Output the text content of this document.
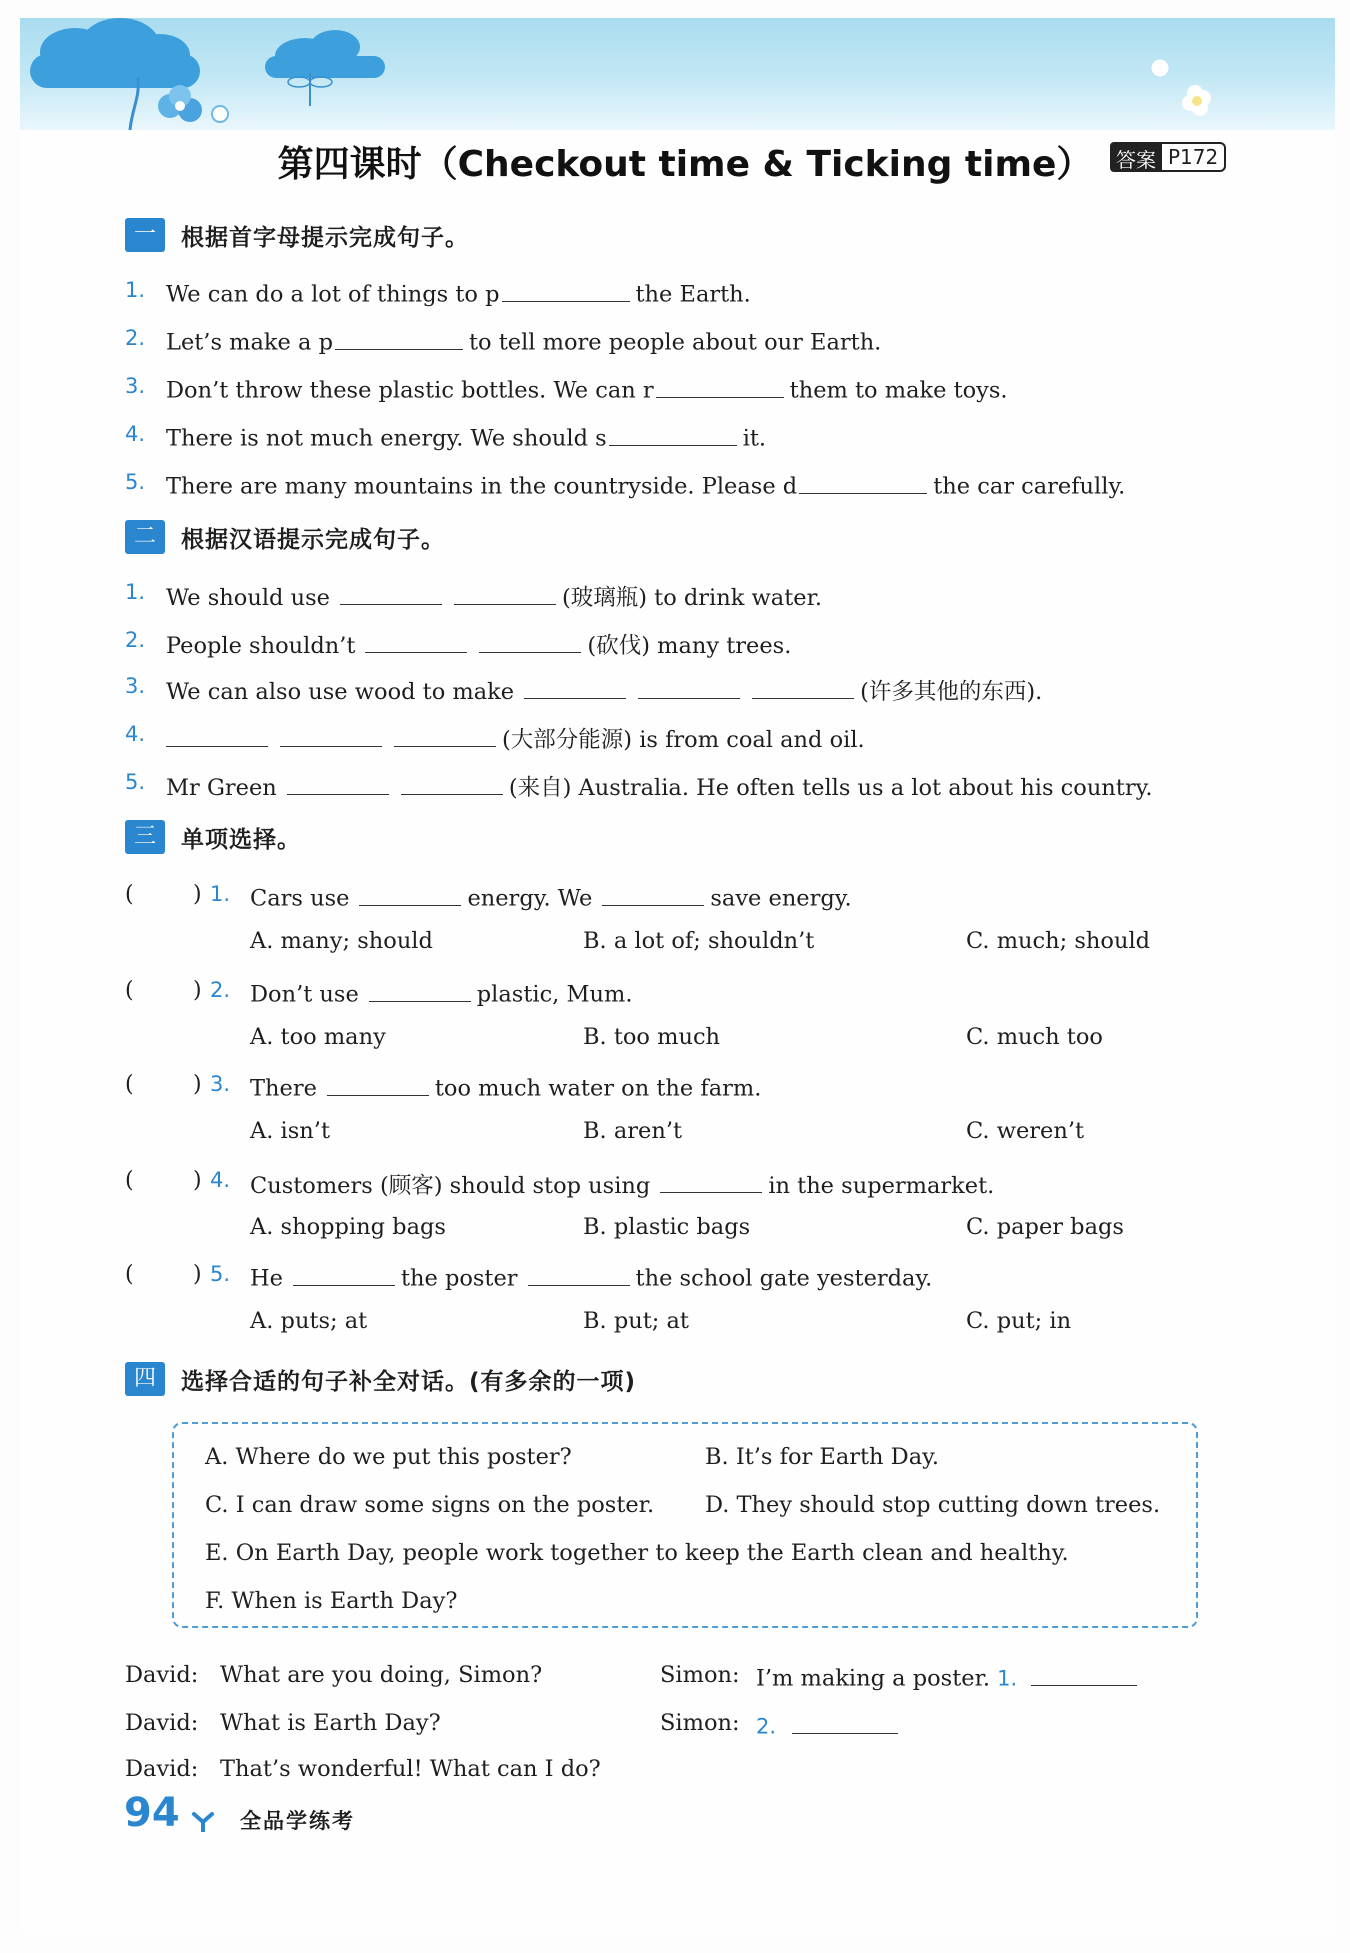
第四课时（Checkout time & Ticking time）	答案 P172
一	根据首字母提示完成句子。
1. We can do a lot of things to p	the Earth.
2. Let’s make a p	to tell more people about our Earth.
3. Don’t throw these plastic bottles. We can r	them to make toys.
4. There is not much energy. We should s	it.
5. There are many mountains in the countryside. Please d	the car carefully.
二	根据汉语提示完成句子。
1. We should use	(玻璃瓶) to drink water.
2. People shouldn’t	(砍伐) many trees.
3. We can also use wood to make	(许多其他的东西).
4.	(大部分能源) is from coal and oil.
5. Mr Green	(来自) Australia. He often tells us a lot about his country.
三	单项选择。
(	) 1. Cars use	energy. We	save energy.
A. many; should	B. a lot of; shouldn’t	C. much; should
(	) 2. Don’t use	plastic, Mum.
A. too many	B. too much	C. much too
(	) 3. There	too much water on the farm.
A. isn’t	B. aren’t	C. weren’t
(	) 4. Customers (顾客) should stop using	in the supermarket.
A. shopping bags	B. plastic bags	C. paper bags
(	) 5. He	the poster	the school gate yesterday.
A. puts; at	B. put; at	C. put; in
四	选择合适的句子补全对话。(有多余的一项)
A. Where do we put this poster?	B. It’s for Earth Day.
C. I can draw some signs on the poster. D. They should stop cutting down trees.
E. On Earth Day, people work together to keep the Earth clean and healthy.
F. When is Earth Day?
David: What are you doing, Simon?	Simon: I’m making a poster. 1.
David: What is Earth Day?	Simon: 2.
David: That’s wonderful! What can I do?
94	全品学练考
